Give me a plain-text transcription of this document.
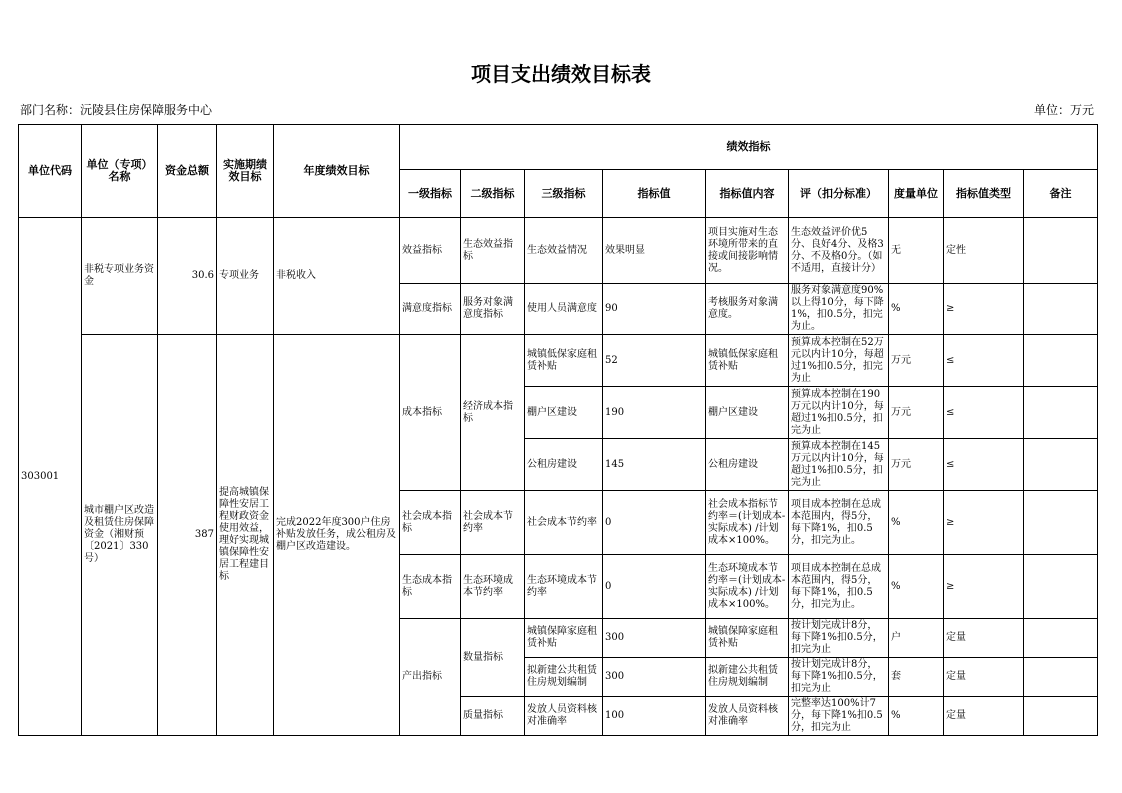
项目支出绩效目标表
部门名称：沅陵县住房保障服务中心	单位：万元
单位代码	单位（专项）名称	资金总额	实施期绩效目标	年度绩效目标	绩效指标								
					一级指标	二级指标	三级指标	指标值	指标值内容	评（扣分标准）	度量单位	指标值类型	备注
303001	非税专项业务资金	30.6	专项业务	非税收入	效益指标	生态效益指标	生态效益情况	效果明显	项目实施对生态环境所带来的直接或间接影响情况。	生态效益评价优5分、良好4分、及格3分、不及格0分。（如不适用，直接计分）	无	定性	
					满意度指标	服务对象满意度指标	使用人员满意度	90	考核服务对象满意度。	服务对象满意度90%以上得10分，每下降1%，扣0.5分，扣完为止。	%	≥	
	城市棚户区改造及租赁住房保障资金（湘财预〔2021〕330号）	387	提高城镇保障性安居工程财政资金使用效益，理好实现城镇保障性安居工程建目标	完成2022年度300户住房补贴发放任务，成公租房及棚户区改造建设。	成本指标	经济成本指标	城镇低保家庭租赁补贴	52	城镇低保家庭租赁补贴	预算成本控制在52万元以内计10分，每超过1%扣0.5分，扣完为止	万元	≤	
							棚户区建设	190	棚户区建设	预算成本控制在190万元以内计10分，每超过1%扣0.5分，扣完为止	万元	≤	
							公租房建设	145	公租房建设	预算成本控制在145万元以内计10分，每超过1%扣0.5分，扣完为止	万元	≤	
					社会成本指标	社会成本节约率	社会成本节约率	0	社会成本指标节约率＝(计划成本-实际成本) /计划成本×100%。	项目成本控制在总成本范围内，得5分，每下降1%，扣0.5分，扣完为止。	%	≥	
					生态成本指标	生态环境成本节约率	生态环境成本节约率	0	生态环境成本节约率＝(计划成本-实际成本) /计划成本×100%。	项目成本控制在总成本范围内，得5分，每下降1%，扣0.5分，扣完为止。	%	≥	
					产出指标	数量指标	城镇保障家庭租赁补贴	300	城镇保障家庭租赁补贴	按计划完成计8分，每下降1%扣0.5分，扣完为止	户	定量	
							拟新建公共租赁住房规划编制	300	拟新建公共租赁住房规划编制	按计划完成计8分，每下降1%扣0.5分，扣完为止	套	定量	
						质量指标	发放人员资料核对准确率	100	发放人员资料核对准确率	完整率达100%计7分，每下降1%扣0.5分，扣完为止	%	定量	
